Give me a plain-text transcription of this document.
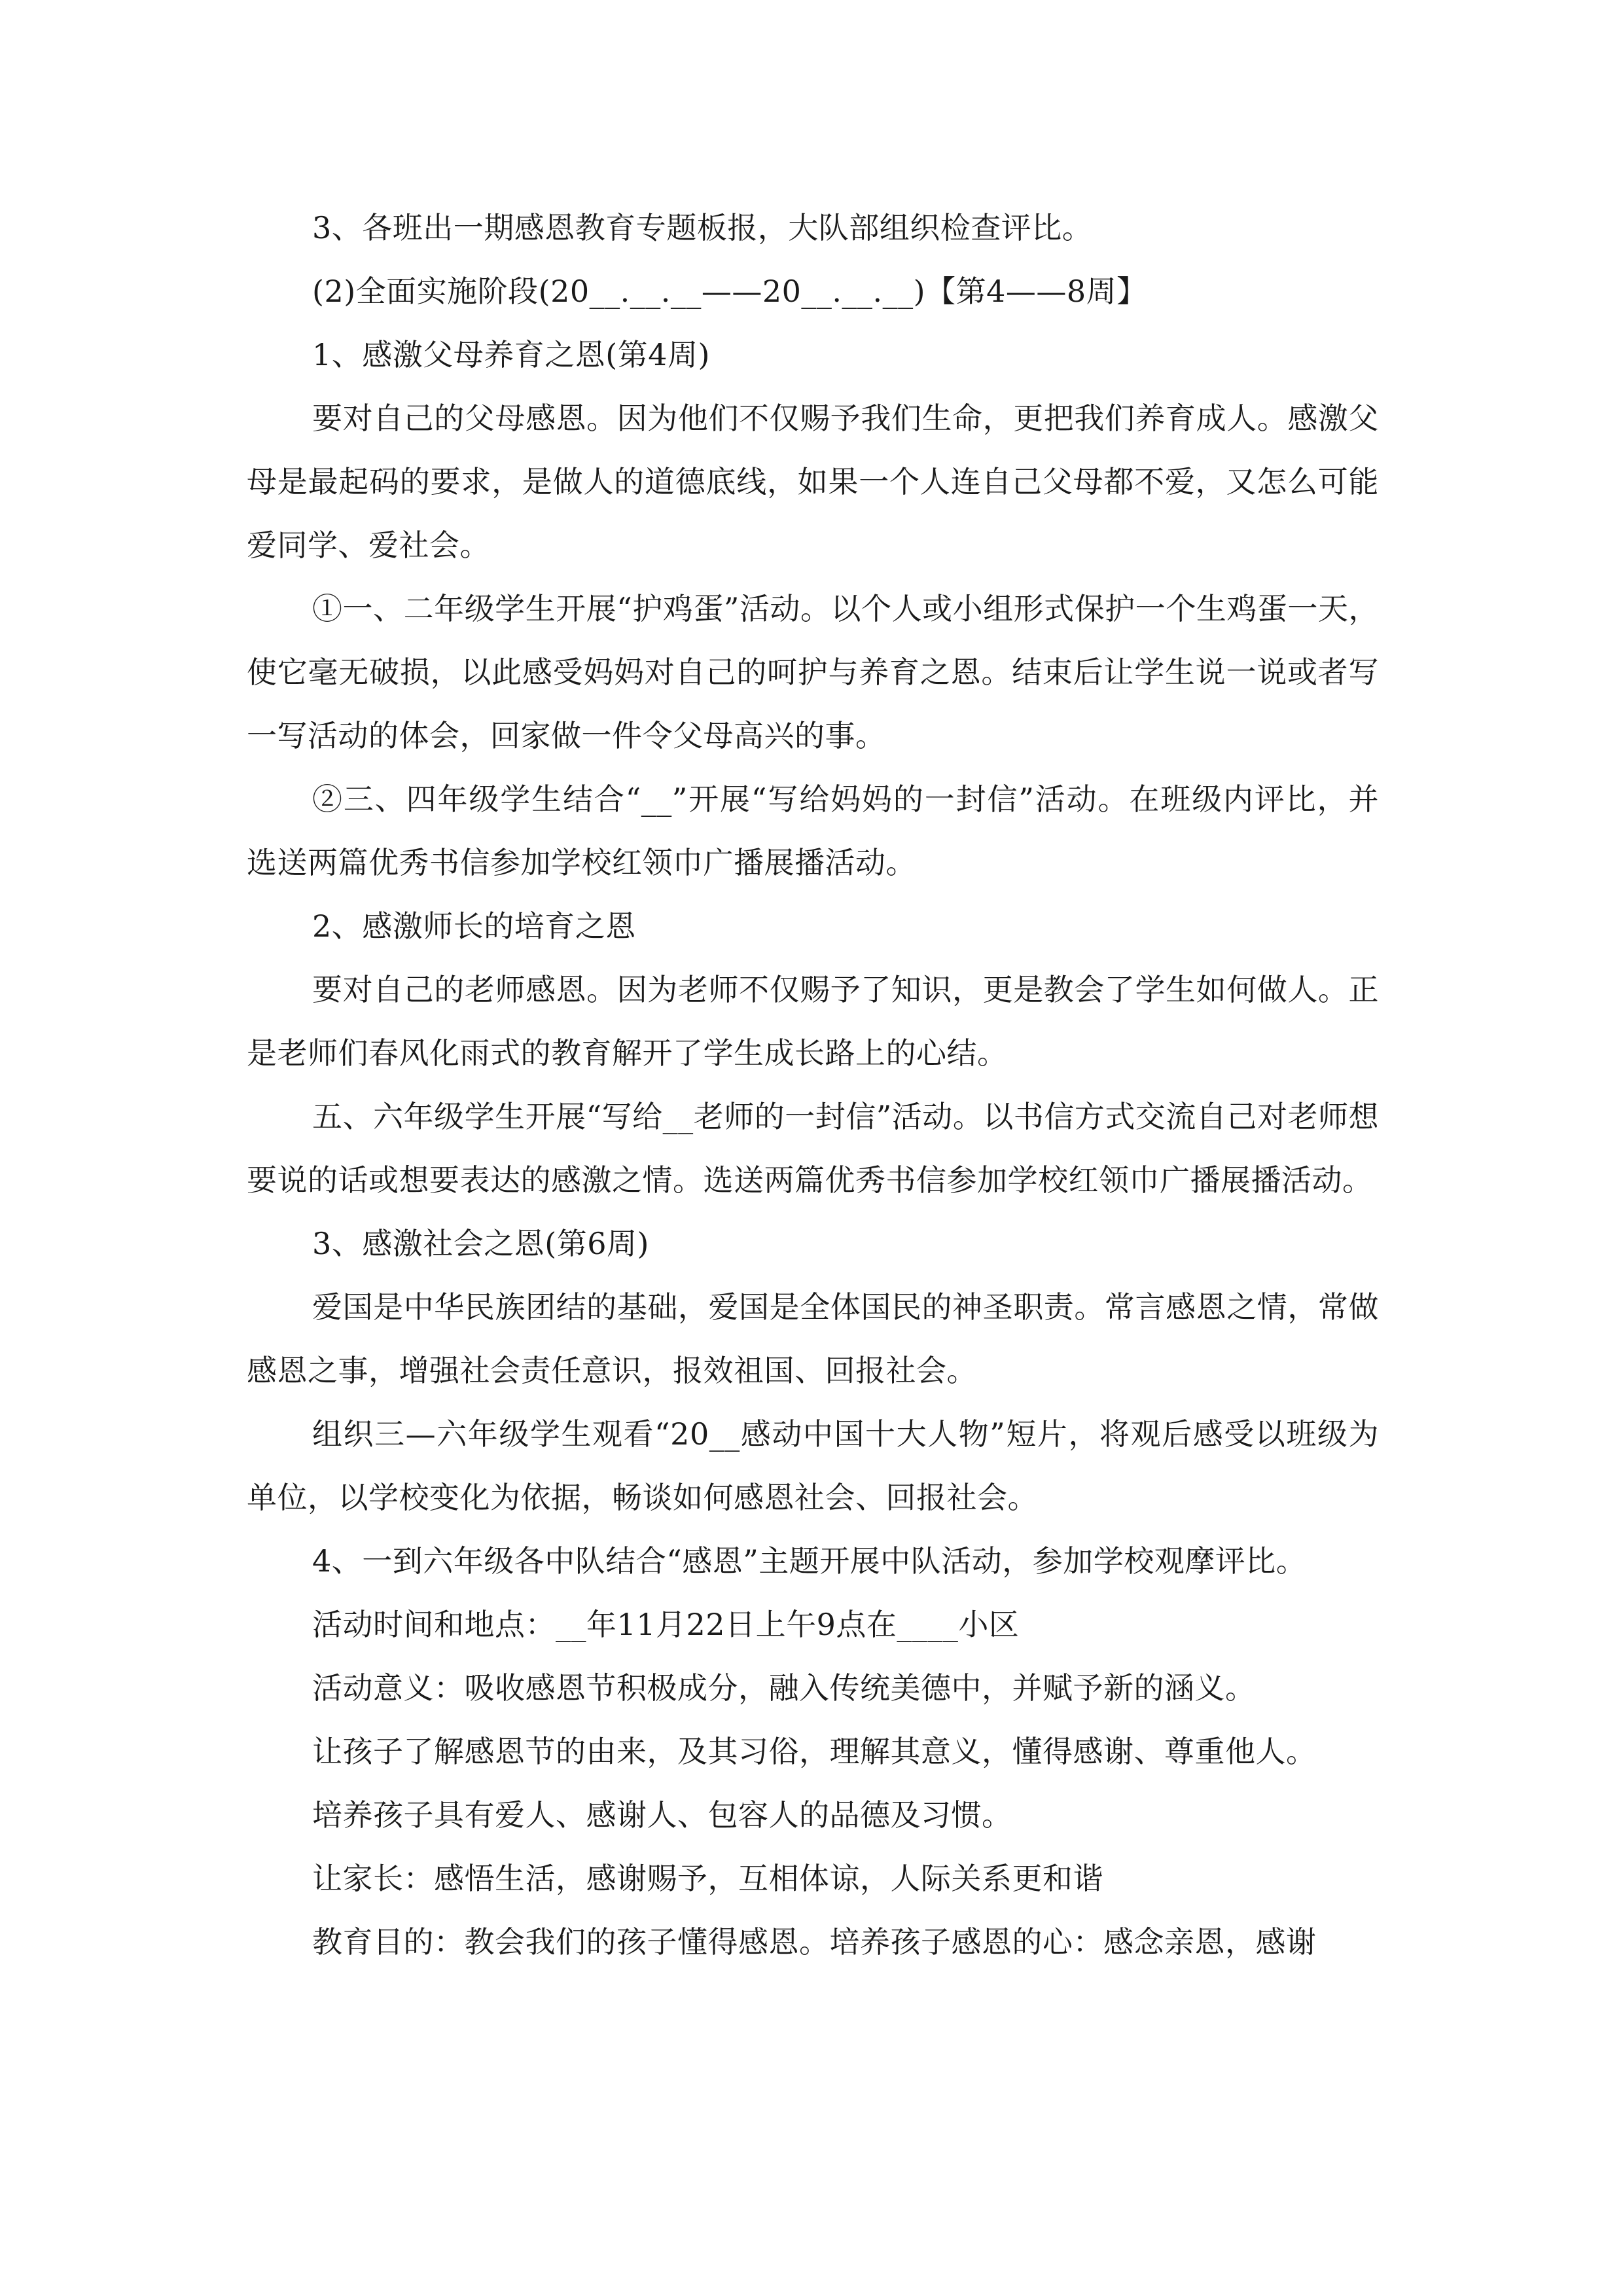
3、各班出一期感恩教育专题板报，大队部组织检查评比。

(2)全面实施阶段(20__.__.__——20__.__.__)【第4——8周】

1、感激父母养育之恩(第4周)

要对自己的父母感恩。因为他们不仅赐予我们生命，更把我们养育成人。感激父母是最起码的要求，是做人的道德底线，如果一个人连自己父母都不爱，又怎么可能爱同学、爱社会。

①一、二年级学生开展“护鸡蛋”活动。以个人或小组形式保护一个生鸡蛋一天，使它毫无破损，以此感受妈妈对自己的呵护与养育之恩。结束后让学生说一说或者写一写活动的体会，回家做一件令父母高兴的事。

②三、四年级学生结合“__”开展“写给妈妈的一封信”活动。在班级内评比，并选送两篇优秀书信参加学校红领巾广播展播活动。

2、感激师长的培育之恩

要对自己的老师感恩。因为老师不仅赐予了知识，更是教会了学生如何做人。正是老师们春风化雨式的教育解开了学生成长路上的心结。

五、六年级学生开展“写给__老师的一封信”活动。以书信方式交流自己对老师想要说的话或想要表达的感激之情。选送两篇优秀书信参加学校红领巾广播展播活动。

3、感激社会之恩(第6周)

爱国是中华民族团结的基础，爱国是全体国民的神圣职责。常言感恩之情，常做感恩之事，增强社会责任意识，报效祖国、回报社会。

组织三—六年级学生观看“20__感动中国十大人物”短片，将观后感受以班级为单位，以学校变化为依据，畅谈如何感恩社会、回报社会。

4、一到六年级各中队结合“感恩”主题开展中队活动，参加学校观摩评比。

活动时间和地点：__年11月22日上午9点在____小区

活动意义：吸收感恩节积极成分，融入传统美德中，并赋予新的涵义。

让孩子了解感恩节的由来，及其习俗，理解其意义，懂得感谢、尊重他人。

培养孩子具有爱人、感谢人、包容人的品德及习惯。

让家长：感悟生活，感谢赐予，互相体谅，人际关系更和谐

教育目的：教会我们的孩子懂得感恩。培养孩子感恩的心：感念亲恩，感谢
